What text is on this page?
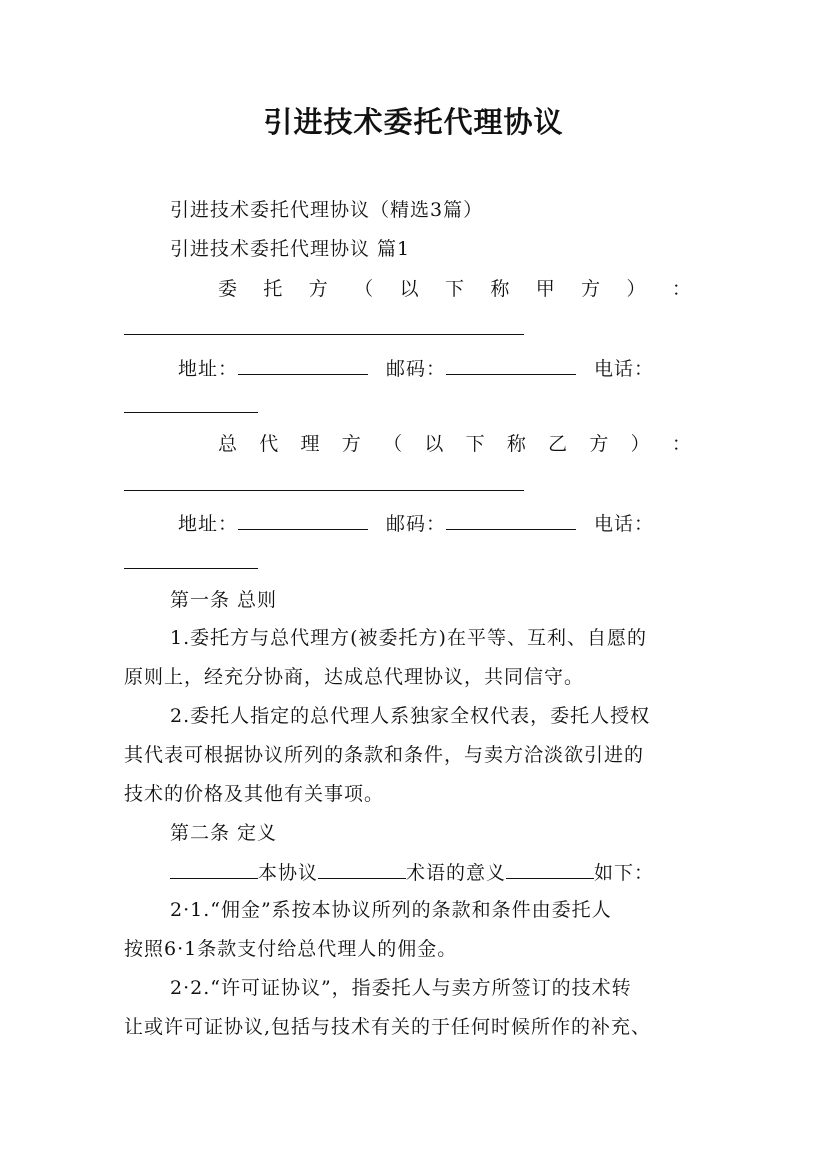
引进技术委托代理协议
引进技术委托代理协议（精选3篇）
引进技术委托代理协议 篇1
委 托 方 （ 以 下 称 甲 方 ） ：
地址：	邮码：	电话：
总 代 理 方 （ 以 下 称 乙 方 ） ：
地址：	邮码：	电话：
第一条 总则
1.委托方与总代理方(被委托方)在平等、互利、自愿的
原则上，经充分协商，达成总代理协议，共同信守。
2.委托人指定的总代理人系独家全权代表，委托人授权
其代表可根据协议所列的条款和条件，与卖方洽淡欲引进的
技术的价格及其他有关事项。
第二条 定义
本协议	术语的意义	如下：
2·1.“佣金”系按本协议所列的条款和条件由委托人
按照6·1条款支付给总代理人的佣金。
2·2.“许可证协议”，指委托人与卖方所签订的技术转
让或许可证协议,包括与技术有关的于任何时候所作的补充、
